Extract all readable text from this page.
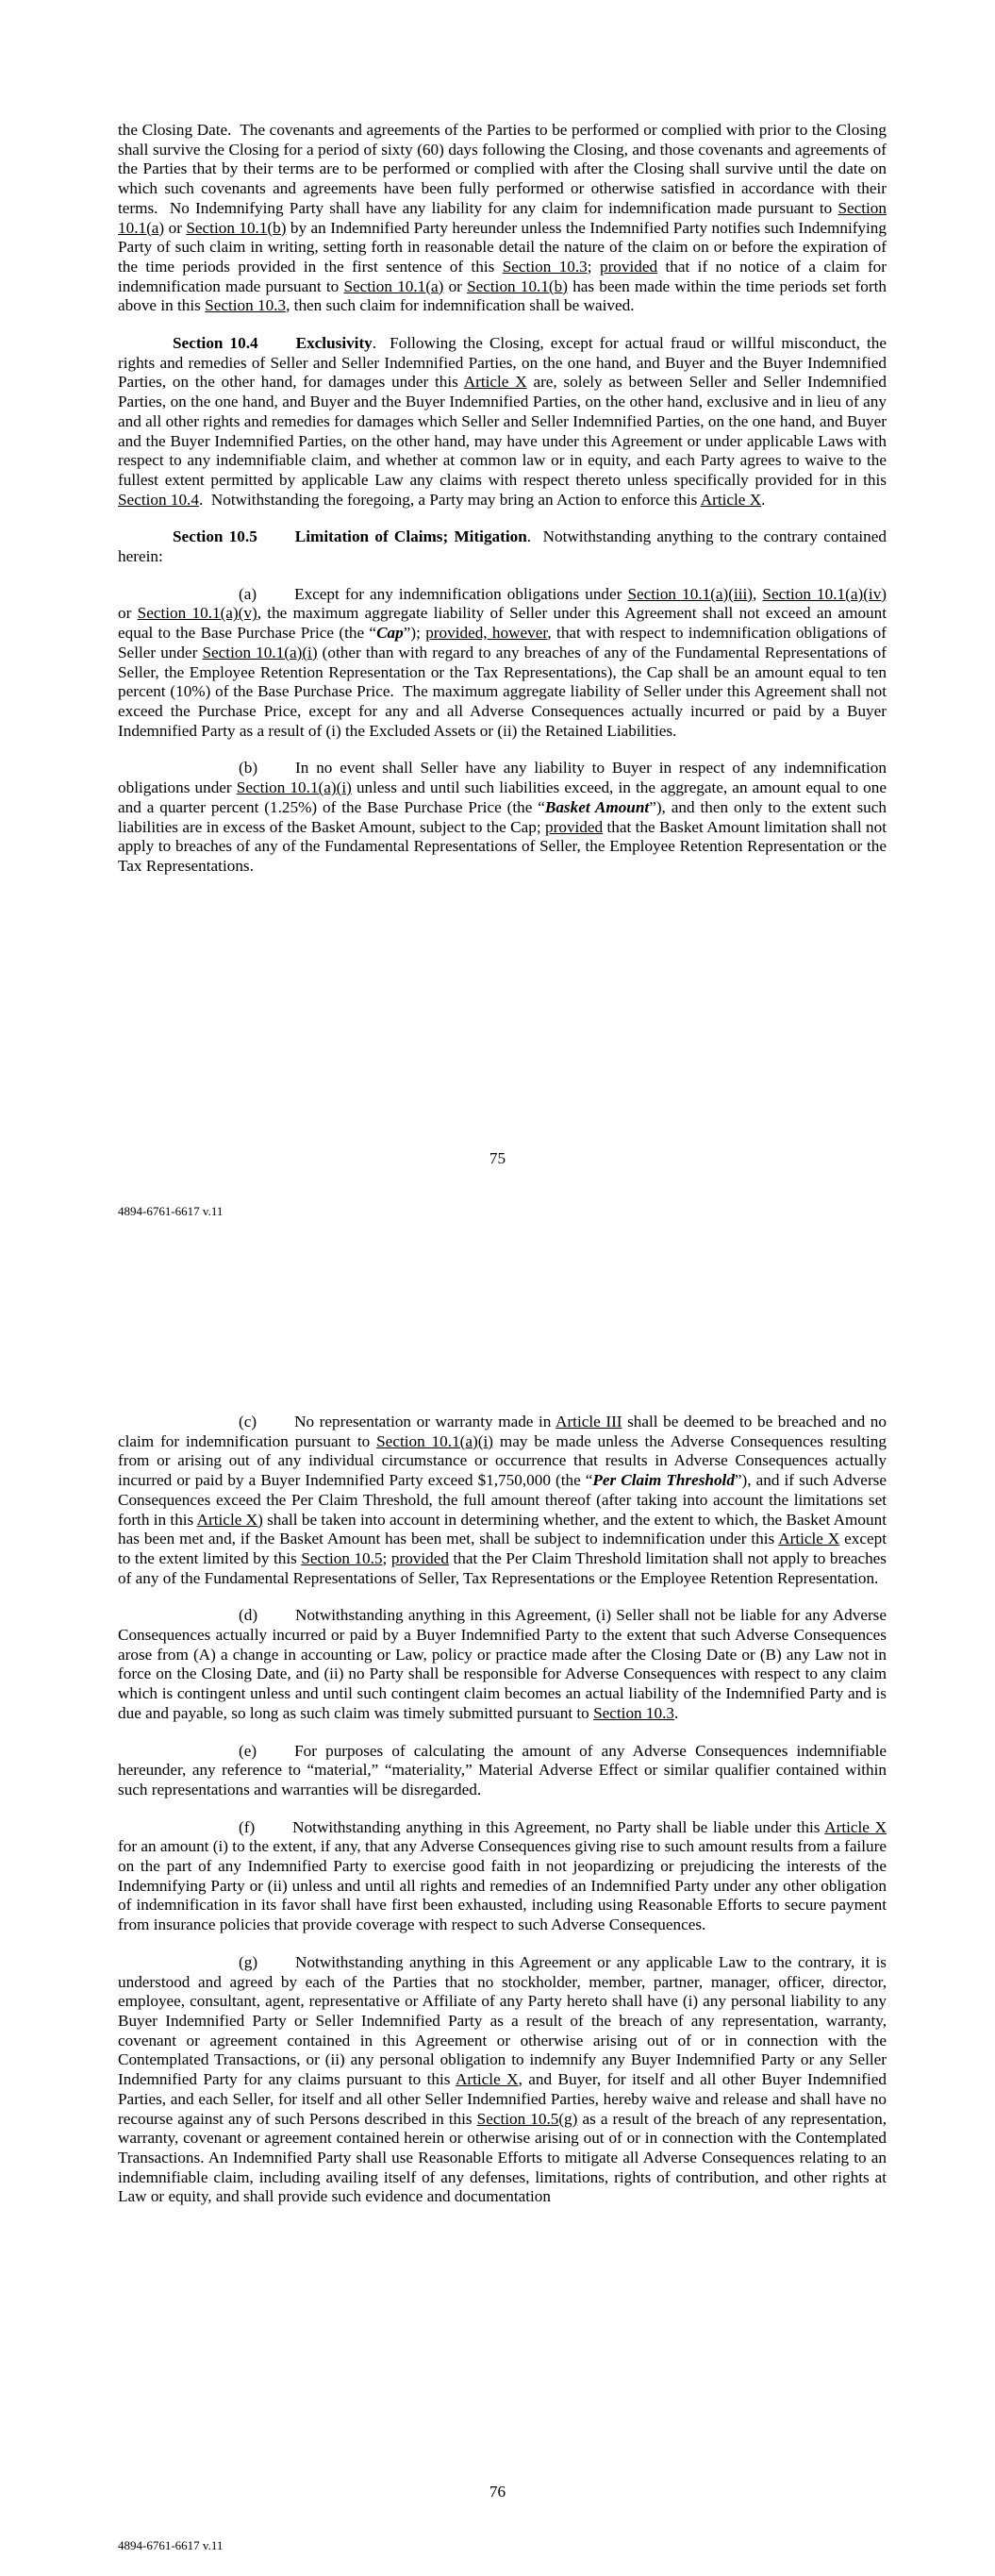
the Closing Date.  The covenants and agreements of the Parties to be performed or complied with prior to the Closing shall survive the Closing for a period of sixty (60) days following the Closing, and those covenants and agreements of the Parties that by their terms are to be performed or complied with after the Closing shall survive until the date on which such covenants and agreements have been fully performed or otherwise satisfied in accordance with their terms.  No Indemnifying Party shall have any liability for any claim for indemnification made pursuant to Section 10.1(a) or Section 10.1(b) by an Indemnified Party hereunder unless the Indemnified Party notifies such Indemnifying Party of such claim in writing, setting forth in reasonable detail the nature of the claim on or before the expiration of the time periods provided in the first sentence of this Section 10.3; provided that if no notice of a claim for indemnification made pursuant to Section 10.1(a) or Section 10.1(b) has been made within the time periods set forth above in this Section 10.3, then such claim for indemnification shall be waived.

Section 10.4 Exclusivity.  Following the Closing, except for actual fraud or willful misconduct, the rights and remedies of Seller and Seller Indemnified Parties, on the one hand, and Buyer and the Buyer Indemnified Parties, on the other hand, for damages under this Article X are, solely as between Seller and Seller Indemnified Parties, on the one hand, and Buyer and the Buyer Indemnified Parties, on the other hand, exclusive and in lieu of any and all other rights and remedies for damages which Seller and Seller Indemnified Parties, on the one hand, and Buyer and the Buyer Indemnified Parties, on the other hand, may have under this Agreement or under applicable Laws with respect to any indemnifiable claim, and whether at common law or in equity, and each Party agrees to waive to the fullest extent permitted by applicable Law any claims with respect thereto unless specifically provided for in this Section 10.4.  Notwithstanding the foregoing, a Party may bring an Action to enforce this Article X.

Section 10.5 Limitation of Claims; Mitigation.  Notwithstanding anything to the contrary contained herein:

(a) Except for any indemnification obligations under Section 10.1(a)(iii), Section 10.1(a)(iv) or Section 10.1(a)(v), the maximum aggregate liability of Seller under this Agreement shall not exceed an amount equal to the Base Purchase Price (the “Cap”); provided, however, that with respect to indemnification obligations of Seller under Section 10.1(a)(i) (other than with regard to any breaches of any of the Fundamental Representations of Seller, the Employee Retention Representation or the Tax Representations), the Cap shall be an amount equal to ten percent (10%) of the Base Purchase Price.  The maximum aggregate liability of Seller under this Agreement shall not exceed the Purchase Price, except for any and all Adverse Consequences actually incurred or paid by a Buyer Indemnified Party as a result of (i) the Excluded Assets or (ii) the Retained Liabilities.

(b) In no event shall Seller have any liability to Buyer in respect of any indemnification obligations under Section 10.1(a)(i) unless and until such liabilities exceed, in the aggregate, an amount equal to one and a quarter percent (1.25%) of the Base Purchase Price (the “Basket Amount”), and then only to the extent such liabilities are in excess of the Basket Amount, subject to the Cap; provided that the Basket Amount limitation shall not apply to breaches of any of the Fundamental Representations of Seller, the Employee Retention Representation or the Tax Representations.

75
4894-6761-6617 v.11

(c) No representation or warranty made in Article III shall be deemed to be breached and no claim for indemnification pursuant to Section 10.1(a)(i) may be made unless the Adverse Consequences resulting from or arising out of any individual circumstance or occurrence that results in Adverse Consequences actually incurred or paid by a Buyer Indemnified Party exceed $1,750,000 (the “Per Claim Threshold”), and if such Adverse Consequences exceed the Per Claim Threshold, the full amount thereof (after taking into account the limitations set forth in this Article X) shall be taken into account in determining whether, and the extent to which, the Basket Amount has been met and, if the Basket Amount has been met, shall be subject to indemnification under this Article X except to the extent limited by this Section 10.5; provided that the Per Claim Threshold limitation shall not apply to breaches of any of the Fundamental Representations of Seller, Tax Representations or the Employee Retention Representation.

(d) Notwithstanding anything in this Agreement, (i) Seller shall not be liable for any Adverse Consequences actually incurred or paid by a Buyer Indemnified Party to the extent that such Adverse Consequences arose from (A) a change in accounting or Law, policy or practice made after the Closing Date or (B) any Law not in force on the Closing Date, and (ii) no Party shall be responsible for Adverse Consequences with respect to any claim which is contingent unless and until such contingent claim becomes an actual liability of the Indemnified Party and is due and payable, so long as such claim was timely submitted pursuant to Section 10.3.

(e) For purposes of calculating the amount of any Adverse Consequences indemnifiable hereunder, any reference to “material,” “materiality,” Material Adverse Effect or similar qualifier contained within such representations and warranties will be disregarded.

(f) Notwithstanding anything in this Agreement, no Party shall be liable under this Article X for an amount (i) to the extent, if any, that any Adverse Consequences giving rise to such amount results from a failure on the part of any Indemnified Party to exercise good faith in not jeopardizing or prejudicing the interests of the Indemnifying Party or (ii) unless and until all rights and remedies of an Indemnified Party under any other obligation of indemnification in its favor shall have first been exhausted, including using Reasonable Efforts to secure payment from insurance policies that provide coverage with respect to such Adverse Consequences.

(g) Notwithstanding anything in this Agreement or any applicable Law to the contrary, it is understood and agreed by each of the Parties that no stockholder, member, partner, manager, officer, director, employee, consultant, agent, representative or Affiliate of any Party hereto shall have (i) any personal liability to any Buyer Indemnified Party or Seller Indemnified Party as a result of the breach of any representation, warranty, covenant or agreement contained in this Agreement or otherwise arising out of or in connection with the Contemplated Transactions, or (ii) any personal obligation to indemnify any Buyer Indemnified Party or any Seller Indemnified Party for any claims pursuant to this Article X, and Buyer, for itself and all other Buyer Indemnified Parties, and each Seller, for itself and all other Seller Indemnified Parties, hereby waive and release and shall have no recourse against any of such Persons described in this Section 10.5(g) as a result of the breach of any representation, warranty, covenant or agreement contained herein or otherwise arising out of or in connection with the Contemplated Transactions. An Indemnified Party shall use Reasonable Efforts to mitigate all Adverse Consequences relating to an indemnifiable claim, including availing itself of any defenses, limitations, rights of contribution, and other rights at Law or equity, and shall provide such evidence and documentation

76
4894-6761-6617 v.11
